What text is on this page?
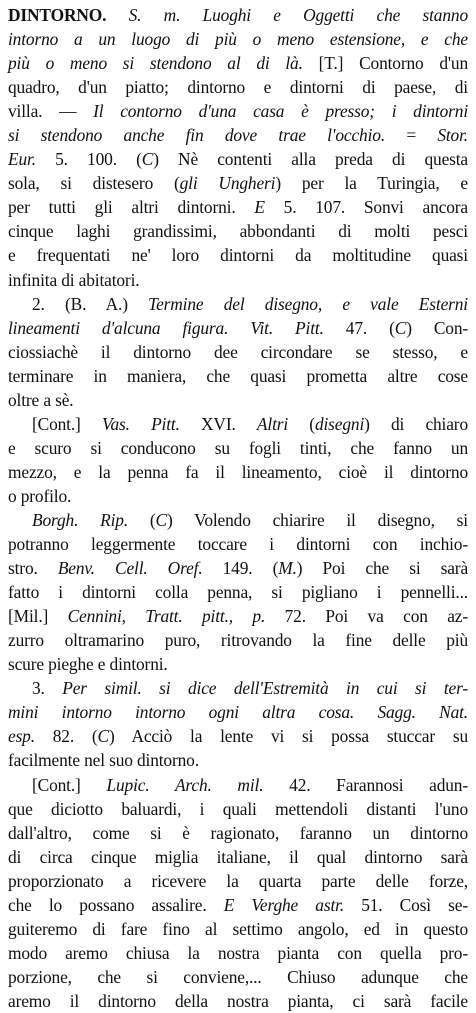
DINTORNO. S. m. Luoghi e Oggetti che stanno
intorno a un luogo di più o meno estensione, e che
più o meno si stendono al di là. [T.] Contorno d'un
quadro, d'un piatto; dintorno e dintorni di paese, di
villa. — Il contorno d'una casa è presso; i dintorni
si stendono anche fin dove trae l'occhio. = Stor.
Eur. 5. 100. (C) Nè contenti alla preda di questa
sola, si distesero (gli Ungheri) per la Turingia, e
per tutti gli altri dintorni. E 5. 107. Sonvi ancora
cinque laghi grandissimi, abbondanti di molti pesci
e frequentati ne' loro dintorni da moltitudine quasi
infinita di abitatori.
2. (B. A.) Termine del disegno, e vale Esterni
lineamenti d'alcuna figura. Vit. Pitt. 47. (C) Con-
ciossiachè il dintorno dee circondare se stesso, e
terminare in maniera, che quasi prometta altre cose
oltre a sè.
[Cont.] Vas. Pitt. XVI. Altri (disegni) di chiaro
e scuro si conducono su fogli tinti, che fanno un
mezzo, e la penna fa il lineamento, cioè il dintorno
o profilo.
Borgh. Rip. (C) Volendo chiarire il disegno, si
potranno leggermente toccare i dintorni con inchio-
stro. Benv. Cell. Oref. 149. (M.) Poi che si sarà
fatto i dintorni colla penna, si pigliano i pennelli...
[Mil.] Cennini, Tratt. pitt., p. 72. Poi va con az-
zurro oltramarino puro, ritrovando la fine delle più
scure pieghe e dintorni.
3. Per simil. si dice dell'Estremità in cui si ter-
mini intorno intorno ogni altra cosa. Sagg. Nat.
esp. 82. (C) Acciò la lente vi si possa stuccar su
facilmente nel suo dintorno.
[Cont.] Lupic. Arch. mil. 42. Farannosi adun-
que diciotto baluardi, i quali mettendoli distanti l'uno
dall'altro, come si è ragionato, faranno un dintorno
di circa cinque miglia italiane, il qual dintorno sarà
proporzionato a ricevere la quarta parte delle forze,
che lo possano assalire. E Verghe astr. 51. Così se-
guiteremo di fare fino al settimo angolo, ed in questo
modo aremo chiusa la nostra pianta con quella pro-
porzione, che si conviene,... Chiuso adunque che
aremo il dintorno della nostra pianta, ci sarà facile
